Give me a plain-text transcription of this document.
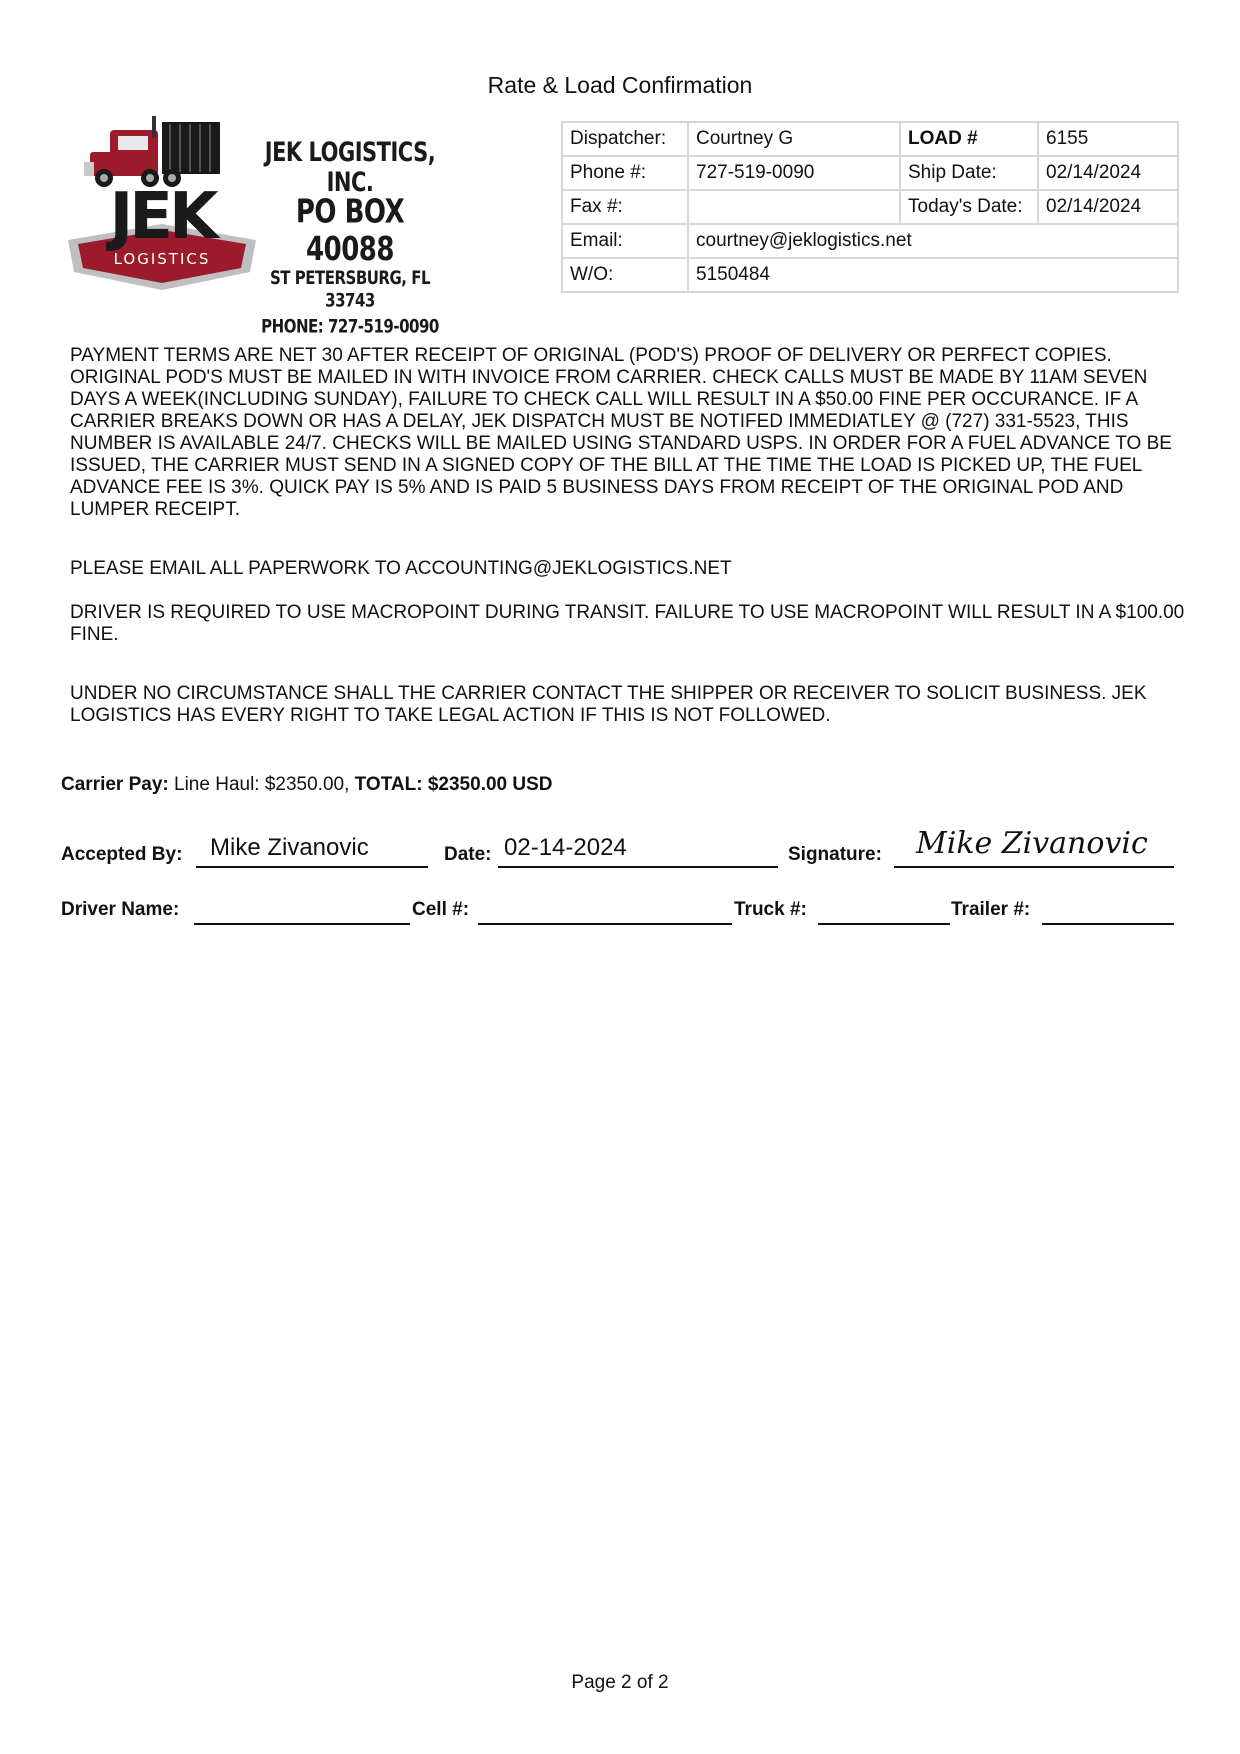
Rate & Load Confirmation
LOGISTICS
JEK
JEK LOGISTICS, INC.
PO BOX 40088
ST PETERSBURG, FL 33743
PHONE: 727-519-0090
Dispatcher:	Courtney G	LOAD #	6155
Phone #:	727-519-0090	Ship Date:	02/14/2024
Fax #:		Today's Date:	02/14/2024
Email:	courtney@jeklogistics.net		
W/O:	5150484		
PAYMENT TERMS ARE NET 30 AFTER RECEIPT OF ORIGINAL (POD'S) PROOF OF DELIVERY OR PERFECT COPIES. ORIGINAL POD'S MUST BE MAILED IN WITH INVOICE FROM CARRIER. CHECK CALLS MUST BE MADE BY 11AM SEVEN DAYS A WEEK(INCLUDING SUNDAY), FAILURE TO CHECK CALL WILL RESULT IN A $50.00 FINE PER OCCURANCE. IF A CARRIER BREAKS DOWN OR HAS A DELAY, JEK DISPATCH MUST BE NOTIFED IMMEDIATLEY @ (727) 331-5523, THIS NUMBER IS AVAILABLE 24/7. CHECKS WILL BE MAILED USING STANDARD USPS. IN ORDER FOR A FUEL ADVANCE TO BE ISSUED, THE CARRIER MUST SEND IN A SIGNED COPY OF THE BILL AT THE TIME THE LOAD IS PICKED UP, THE FUEL ADVANCE FEE IS 3%. QUICK PAY IS 5% AND IS PAID 5 BUSINESS DAYS FROM RECEIPT OF THE ORIGINAL POD AND LUMPER RECEIPT.
PLEASE EMAIL ALL PAPERWORK TO ACCOUNTING@JEKLOGISTICS.NET
DRIVER IS REQUIRED TO USE MACROPOINT DURING TRANSIT. FAILURE TO USE MACROPOINT WILL RESULT IN A $100.00 FINE.
UNDER NO CIRCUMSTANCE SHALL THE CARRIER CONTACT THE SHIPPER OR RECEIVER TO SOLICIT BUSINESS. JEK LOGISTICS HAS EVERY RIGHT TO TAKE LEGAL ACTION IF THIS IS NOT FOLLOWED.
Carrier Pay: Line Haul: $2350.00, TOTAL: $2350.00 USD
Accepted By: Mike Zivanovic	Date: 02-14-2024	Signature: Mike Zivanovic
Driver Name:	Cell #:	Truck #:	Trailer #:
Page 2 of 2
